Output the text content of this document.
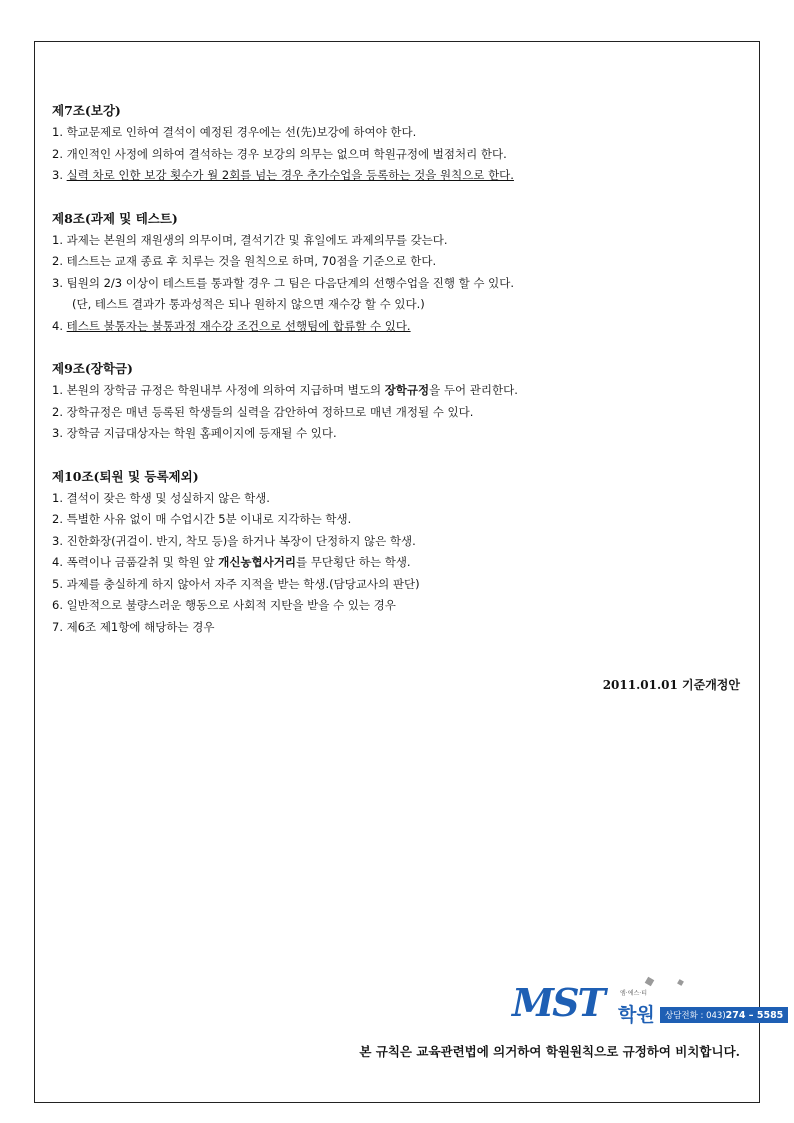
제7조(보강)
1. 학교문제로 인하여 결석이 예정된 경우에는 선(先)보강에 하여야 한다.
2. 개인적인 사정에 의하여 결석하는 경우 보강의 의무는 없으며 학원규정에 벌점처리 한다.
3. 실력 차로 인한 보강 횟수가 월 2회를 넘는 경우 추가수업을 등록하는 것을 원칙으로 한다.
제8조(과제 및 테스트)
1. 과제는 본원의 재원생의 의무이며, 결석기간 및 휴일에도 과제의무를 갖는다.
2. 테스트는 교재 종료 후 치루는 것을 원칙으로 하며, 70점을 기준으로 한다.
3. 팀원의 2/3 이상이 테스트를 통과할 경우 그 팀은 다음단계의 선행수업을 진행 할 수 있다.
(단, 테스트 결과가 통과성적은 되나 원하지 않으면 재수강 할 수 있다.)
4. 테스트 불통자는 불통과정 재수강 조건으로 선행팀에 합류할 수 있다.
제9조(장학금)
1. 본원의 장학금 규정은 학원내부 사정에 의하여 지급하며 별도의 장학규정을 두어 관리한다.
2. 장학규정은 매년 등록된 학생들의 실력을 감안하여 정하므로 매년 개정될 수 있다.
3. 장학금 지급대상자는 학원 홈페이지에 등재될 수 있다.
제10조(퇴원 및 등록제외)
1. 결석이 잦은 학생 및 성실하지 않은 학생.
2. 특별한 사유 없이 매 수업시간 5분 이내로 지각하는 학생.
3. 진한화장(귀걸이. 반지, 착모 등)을 하거나 복장이 단정하지 않은 학생.
4. 폭력이나 금품갈취 및 학원 앞 개신농협사거리를 무단횡단 하는 학생.
5. 과제를 충실하게 하지 않아서 자주 지적을 받는 학생.(담당교사의 판단)
6. 일반적으로 불량스러운 행동으로 사회적 지탄을 받을 수 있는 경우
7. 제6조 제1항에 해당하는 경우
2011.01.01 기준개정안
MST	엠·에스·티
학원	상담전화 : 043)274 – 5585
본 규칙은 교육관련법에 의거하여 학원원칙으로 규정하여 비치합니다.
